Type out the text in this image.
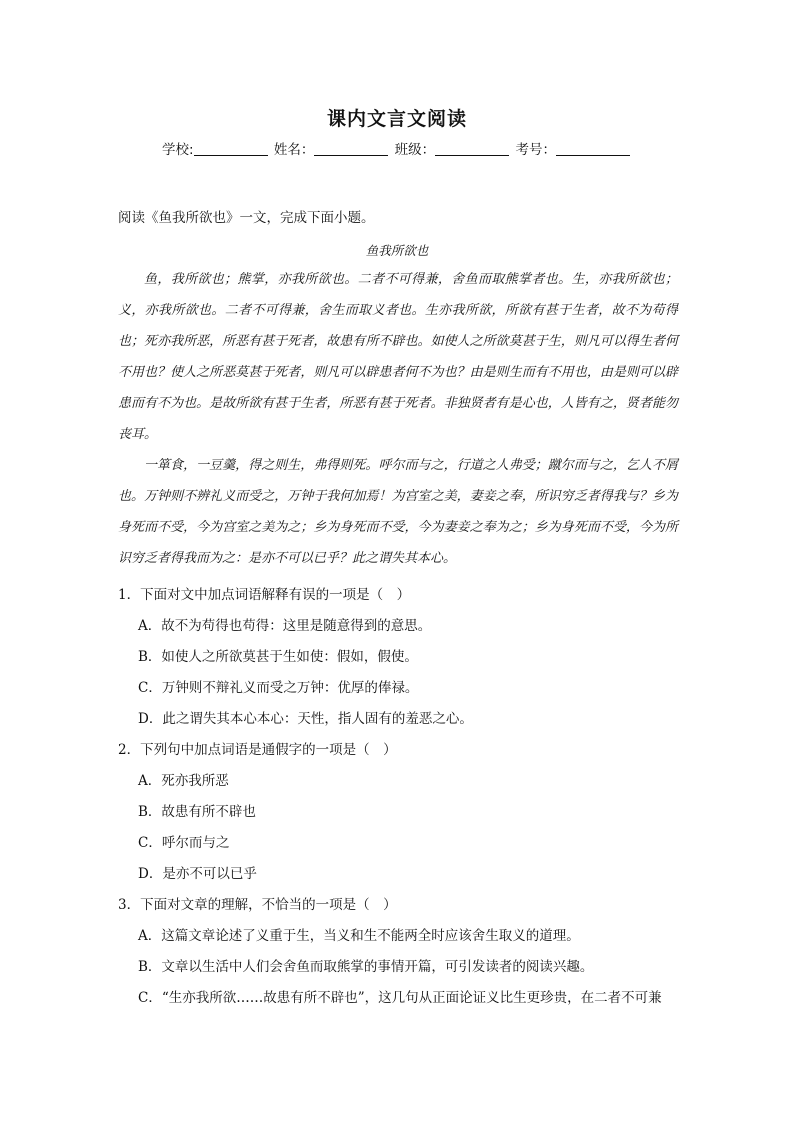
课内文言文阅读
学校:	姓名：	班级：	考号：
阅读《鱼我所欲也》一文，完成下面小题。
鱼我所欲也

鱼，我所欲也；熊掌，亦我所欲也。二者不可得兼，舍鱼而取熊掌者也。生，亦我所欲也；义，亦我所欲也。二者不可得兼，舍生而取义者也。生亦我所欲，所欲有甚于生者，故不为苟得也；死亦我所恶，所恶有甚于死者，故患有所不辟也。如使人之所欲莫甚于生，则凡可以得生者何不用也？使人之所恶莫甚于死者，则凡可以辟患者何不为也？由是则生而有不用也，由是则可以辟患而有不为也。是故所欲有甚于生者，所恶有甚于死者。非独贤者有是心也，人皆有之，贤者能勿丧耳。

一箪食，一豆羹，得之则生，弗得则死。呼尔而与之，行道之人弗受；蹴尔而与之，乞人不屑也。万钟则不辨礼义而受之，万钟于我何加焉！为宫室之美，妻妾之奉，所识穷乏者得我与？乡为身死而不受，今为宫室之美为之；乡为身死而不受，今为妻妾之奉为之；乡为身死而不受，今为所识穷乏者得我而为之：是亦不可以已乎？此之谓失其本心。

1．下面对文中加点词语解释有误的一项是（　）

A．故不为苟得也苟得：这里是随意得到的意思。

B．如使人之所欲莫甚于生如使：假如，假使。

C．万钟则不辩礼义而受之万钟：优厚的俸禄。

D．此之谓失其本心本心：天性，指人固有的羞恶之心。

2．下列句中加点词语是通假字的一项是（　）

A．死亦我所恶

B．故患有所不辟也

C．呼尔而与之

D．是亦不可以已乎

3．下面对文章的理解，不恰当的一项是（　）

A．这篇文章论述了义重于生，当义和生不能两全时应该舍生取义的道理。

B．文章以生活中人们会舍鱼而取熊掌的事情开篇，可引发读者的阅读兴趣。

C．“生亦我所欲……故患有所不辟也”，这几句从正面论证义比生更珍贵，在二者不可兼
